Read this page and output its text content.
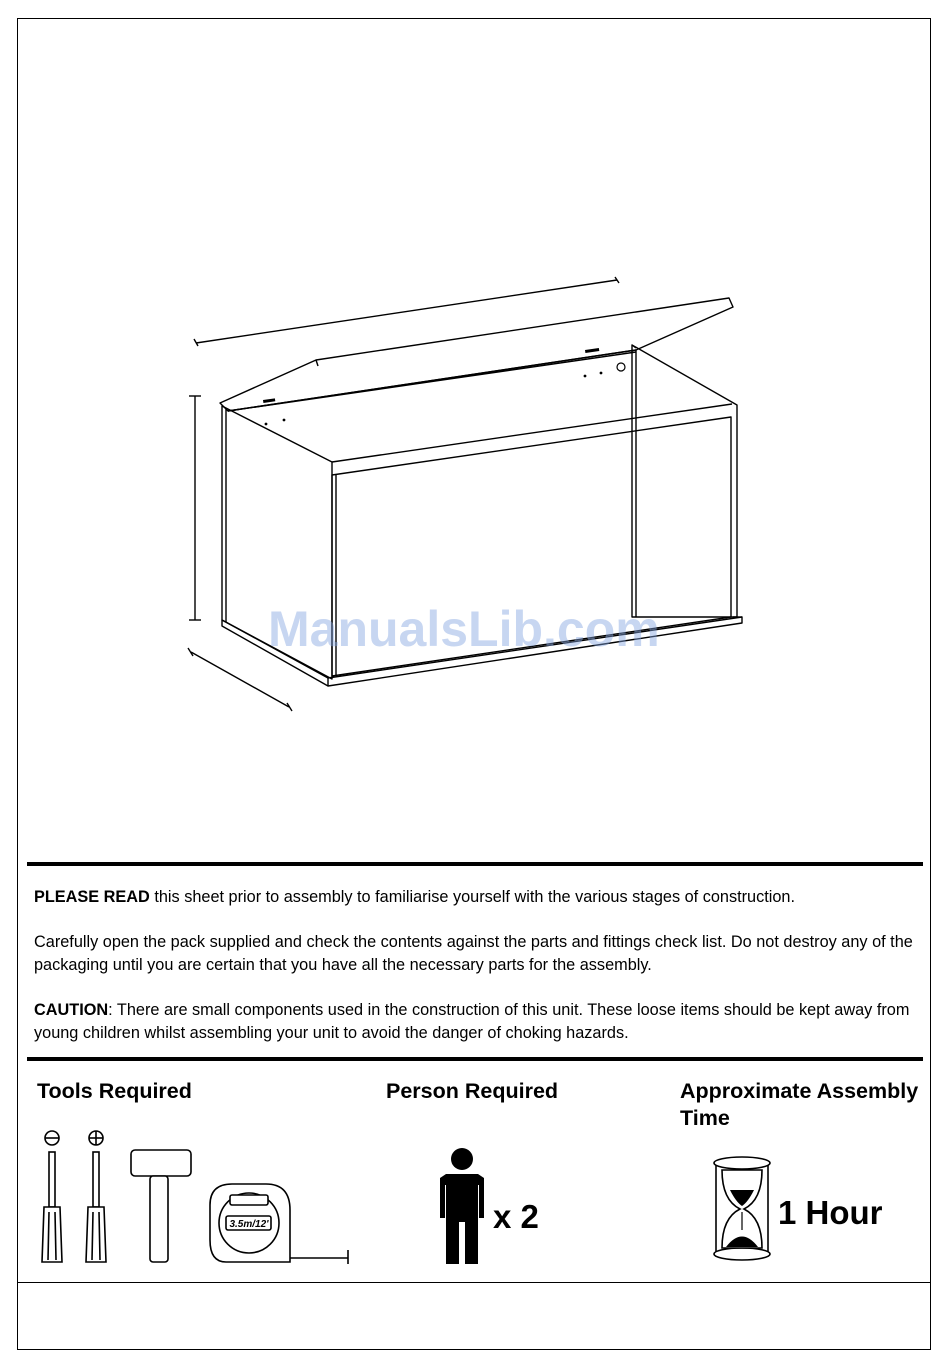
ManualsLib.com

PLEASE READ this sheet prior to assembly to familiarise yourself with the various stages of construction.

Carefully open the pack supplied and check the contents against the parts and fittings check list. Do not destroy any of the packaging until you are certain that you have all the necessary parts for the assembly.

CAUTION: There are small components used in the construction of this unit. These loose items should be kept away from young children whilst assembling your unit to avoid the danger of choking hazards.

Tools Required	Person Required	Approximate Assembly Time
3.5m/12'	x 2	1 Hour
